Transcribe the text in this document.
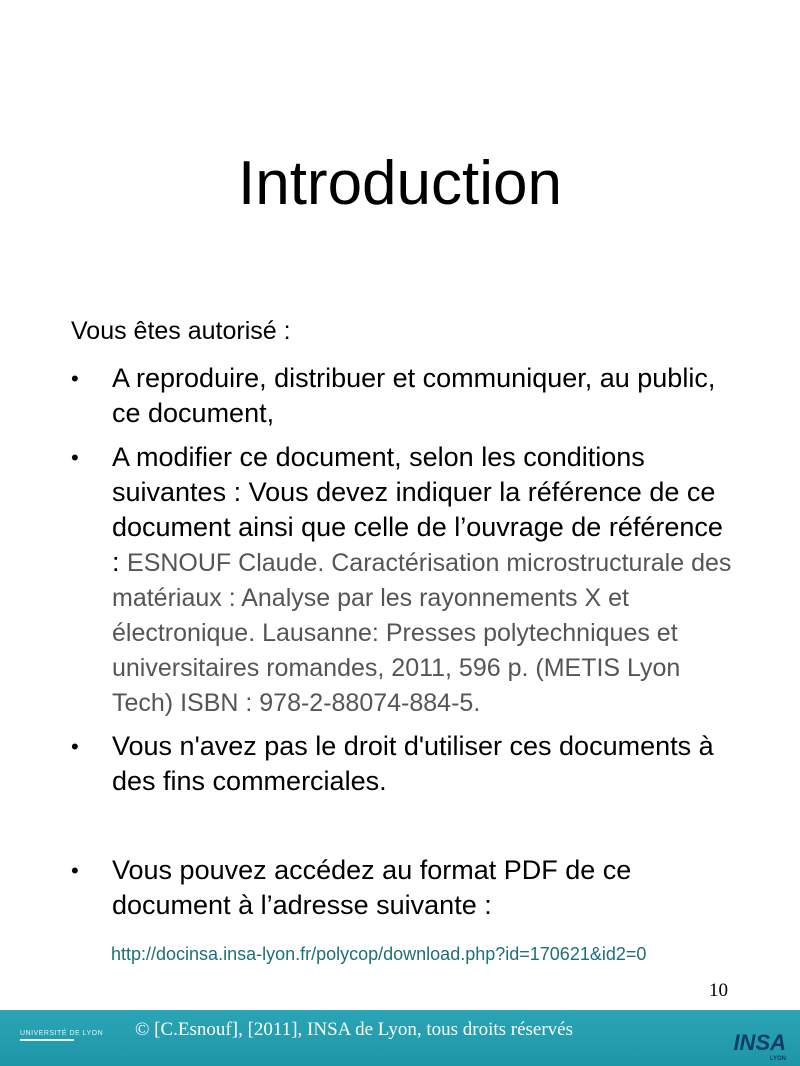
Introduction
Vous êtes autorisé :
• A reproduire, distribuer et communiquer, au public, ce document,
• A modifier ce document, selon les conditions suivantes : Vous devez indiquer la référence de ce document ainsi que celle de l’ouvrage de référence : ESNOUF Claude. Caractérisation microstructurale des matériaux : Analyse par les rayonnements X et électronique. Lausanne: Presses polytechniques et universitaires romandes, 2011, 596 p. (METIS Lyon Tech) ISBN : 978-2-88074-884-5.
• Vous n'avez pas le droit d'utiliser ces documents à des fins commerciales.
• Vous pouvez accédez au format PDF de ce document à l’adresse suivante :
http://docinsa.insa-lyon.fr/polycop/download.php?id=170621&id2=0
10
UNIVERSITÉ DE LYON © [C.Esnouf], [2011], INSA de Lyon, tous droits réservés
INSA
LYON
